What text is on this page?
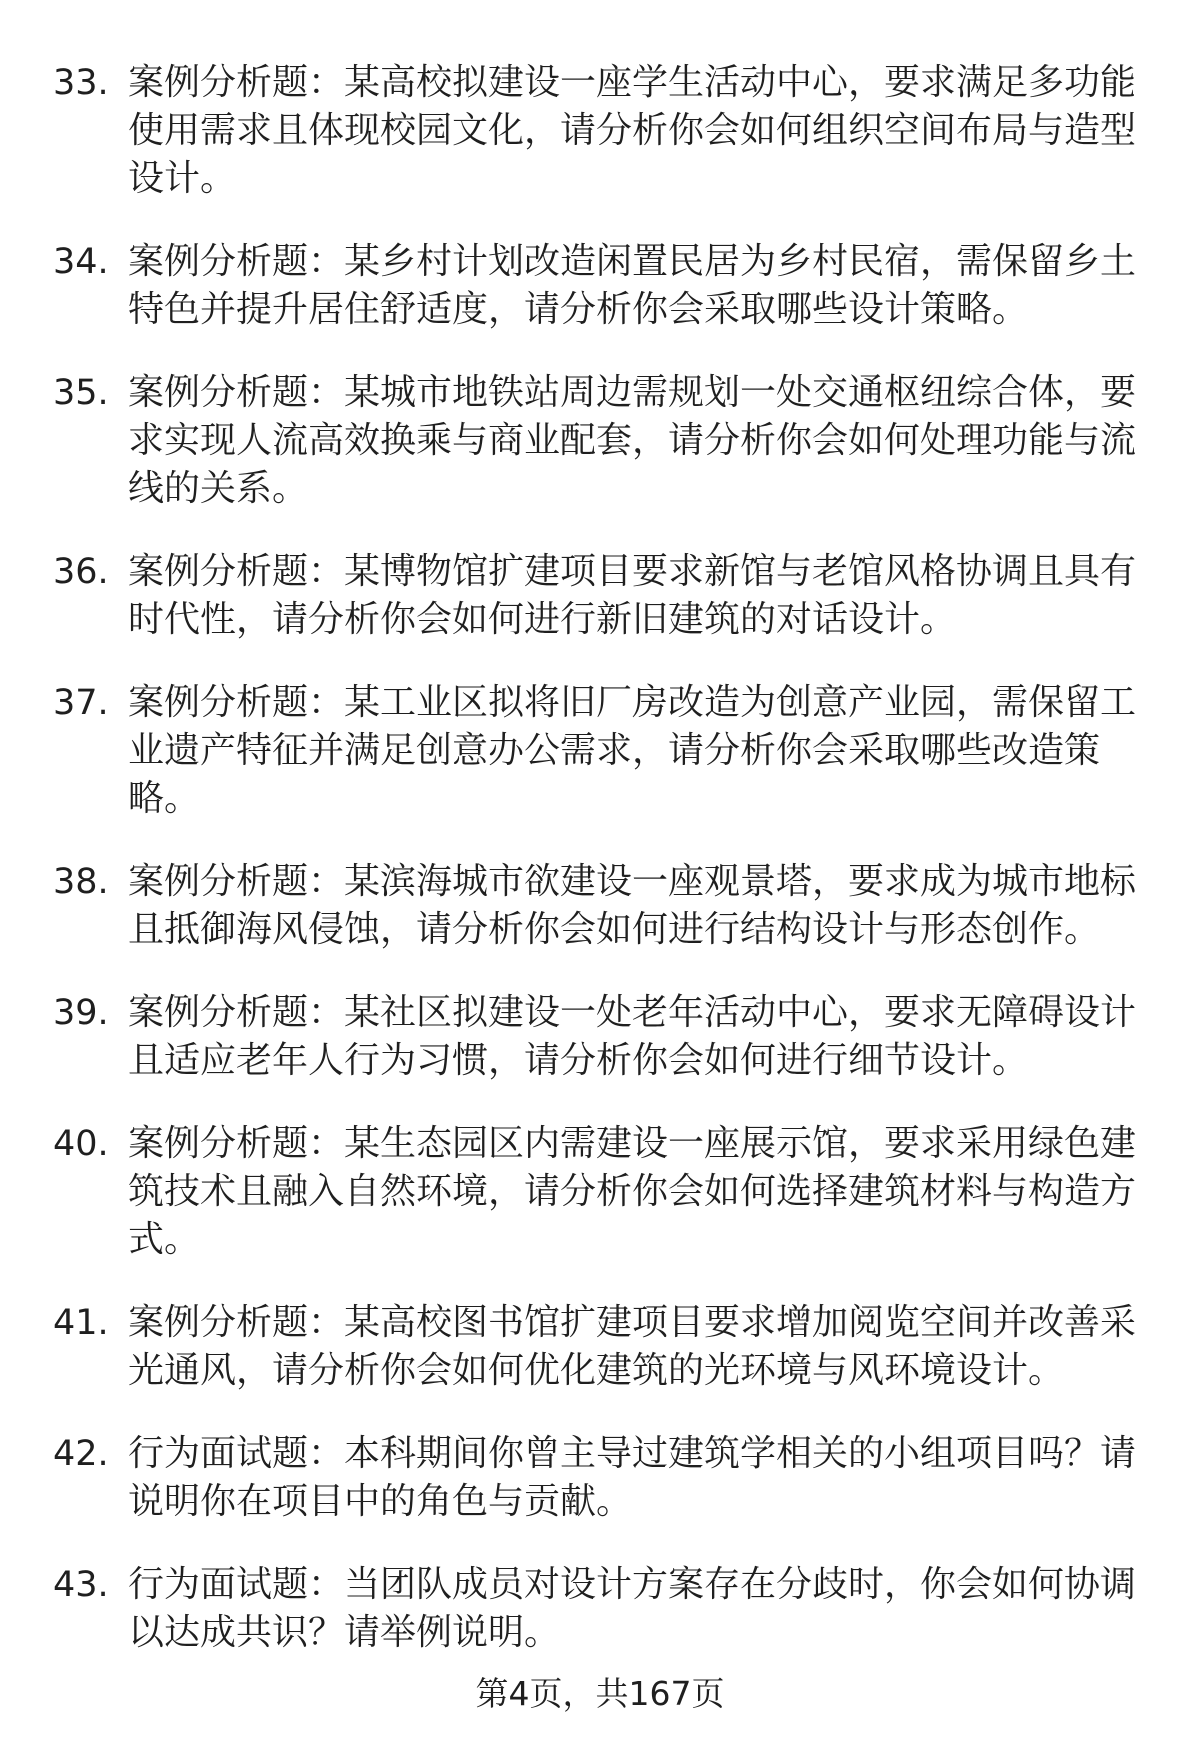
33. 案例分析题：某高校拟建设一座学生活动中心，要求满足多功能使用需求且体现校园文化，请分析你会如何组织空间布局与造型设计。
34. 案例分析题：某乡村计划改造闲置民居为乡村民宿，需保留乡土特色并提升居住舒适度，请分析你会采取哪些设计策略。
35. 案例分析题：某城市地铁站周边需规划一处交通枢纽综合体，要求实现人流高效换乘与商业配套，请分析你会如何处理功能与流线的关系。
36. 案例分析题：某博物馆扩建项目要求新馆与老馆风格协调且具有时代性，请分析你会如何进行新旧建筑的对话设计。
37. 案例分析题：某工业区拟将旧厂房改造为创意产业园，需保留工业遗产特征并满足创意办公需求，请分析你会采取哪些改造策略。
38. 案例分析题：某滨海城市欲建设一座观景塔，要求成为城市地标且抵御海风侵蚀，请分析你会如何进行结构设计与形态创作。
39. 案例分析题：某社区拟建设一处老年活动中心，要求无障碍设计且适应老年人行为习惯，请分析你会如何进行细节设计。
40. 案例分析题：某生态园区内需建设一座展示馆，要求采用绿色建筑技术且融入自然环境，请分析你会如何选择建筑材料与构造方式。
41. 案例分析题：某高校图书馆扩建项目要求增加阅览空间并改善采光通风，请分析你会如何优化建筑的光环境与风环境设计。
42. 行为面试题：本科期间你曾主导过建筑学相关的小组项目吗？请说明你在项目中的角色与贡献。
43. 行为面试题：当团队成员对设计方案存在分歧时，你会如何协调以达成共识？请举例说明。
第4页，共167页
